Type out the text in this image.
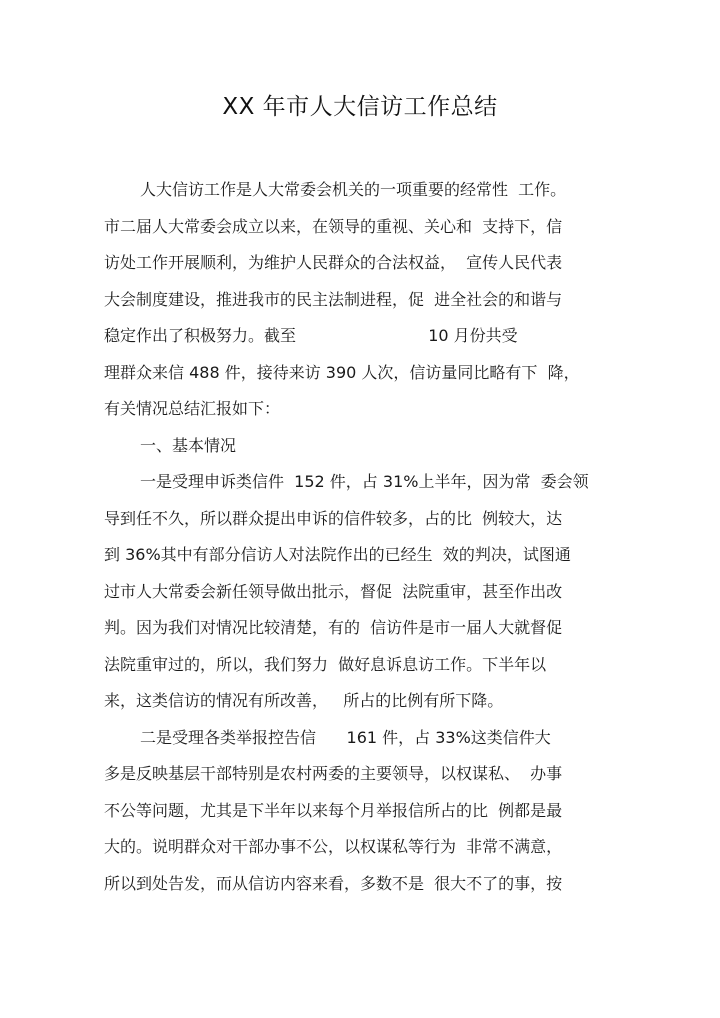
XX 年市人大信访工作总结
人大信访工作是人大常委会机关的一项重要的经常性  工作。
市二届人大常委会成立以来，在领导的重视、关心和  支持下，信
访处工作开展顺利，为维护人民群众的合法权益，  宣传人民代表
大会制度建设，推进我市的民主法制进程，促  进全社会的和谐与
稳定作出了积极努力。截至                          10 月份共受
理群众来信 488 件，接待来访 390 人次，信访量同比略有下  降，
有关情况总结汇报如下：
一、基本情况
一是受理申诉类信件  152 件，占 31%上半年，因为常  委会领
导到任不久，所以群众提出申诉的信件较多，占的比  例较大，达
到 36%其中有部分信访人对法院作出的已经生  效的判决，试图通
过市人大常委会新任领导做出批示，督促  法院重审，甚至作出改
判。因为我们对情况比较清楚，有的  信访件是市一届人大就督促
法院重审过的，所以，我们努力  做好息诉息访工作。下半年以
来，这类信访的情况有所改善，   所占的比例有所下降。
二是受理各类举报控告信      161 件，占 33%这类信件大
多是反映基层干部特别是农村两委的主要领导，以权谋私、  办事
不公等问题，尤其是下半年以来每个月举报信所占的比  例都是最
大的。说明群众对干部办事不公，以权谋私等行为  非常不满意，
所以到处告发，而从信访内容来看，多数不是  很大不了的事，按
